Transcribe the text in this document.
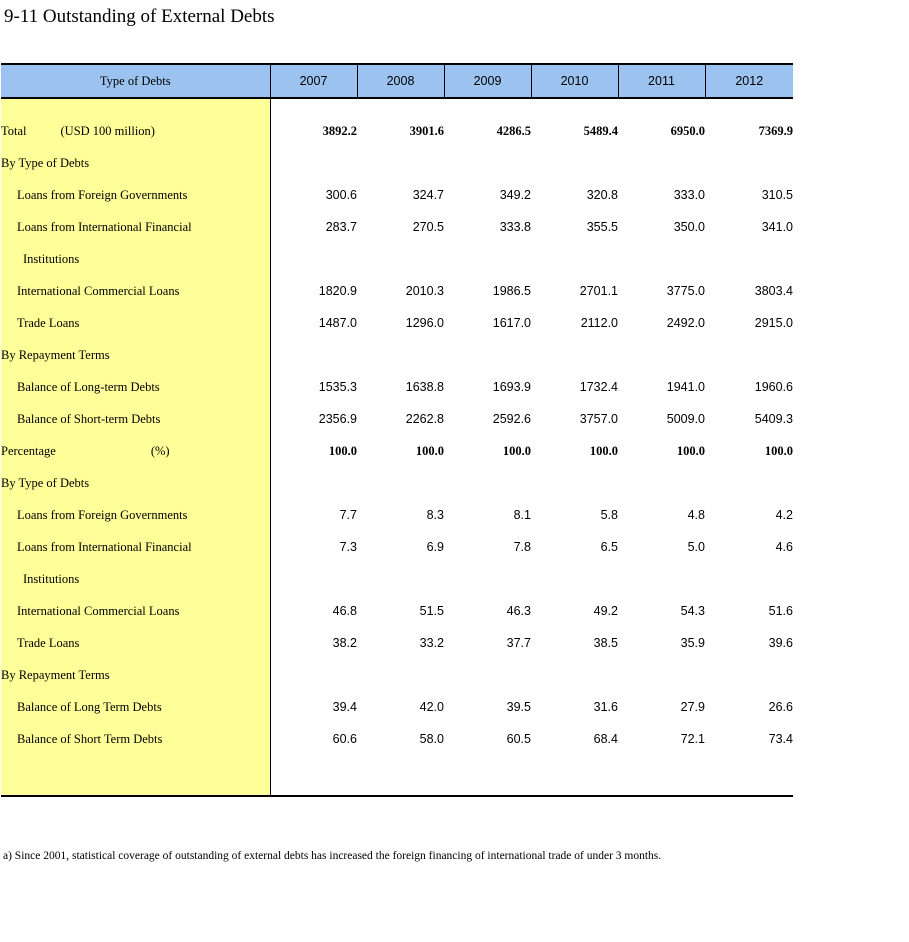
9-11 Outstanding of External Debts
Type of Debts	2007	2008	2009	2010	2011	2012

Total (USD 100 million)	3892.2	3901.6	4286.5	5489.4	6950.0	7369.9
By Type of Debts						
Loans from Foreign Governments	300.6	324.7	349.2	320.8	333.0	310.5
Loans from International Financial	283.7	270.5	333.8	355.5	350.0	341.0
Institutions						
International Commercial Loans	1820.9	2010.3	1986.5	2701.1	3775.0	3803.4
Trade Loans	1487.0	1296.0	1617.0	2112.0	2492.0	2915.0
By Repayment Terms						
Balance of Long-term Debts	1535.3	1638.8	1693.9	1732.4	1941.0	1960.6
Balance of Short-term Debts	2356.9	2262.8	2592.6	3757.0	5009.0	5409.3
Percentage (%)	100.0	100.0	100.0	100.0	100.0	100.0
By Type of Debts						
Loans from Foreign Governments	7.7	8.3	8.1	5.8	4.8	4.2
Loans from International Financial	7.3	6.9	7.8	6.5	5.0	4.6
Institutions						
International Commercial Loans	46.8	51.5	46.3	49.2	54.3	51.6
Trade Loans	38.2	33.2	37.7	38.5	35.9	39.6
By Repayment Terms						
Balance of Long Term Debts	39.4	42.0	39.5	31.6	27.9	26.6
Balance of Short Term Debts	60.6	58.0	60.5	68.4	72.1	73.4

a) Since 2001, statistical coverage of outstanding of external debts has increased the foreign financing of international trade of under 3 months.
